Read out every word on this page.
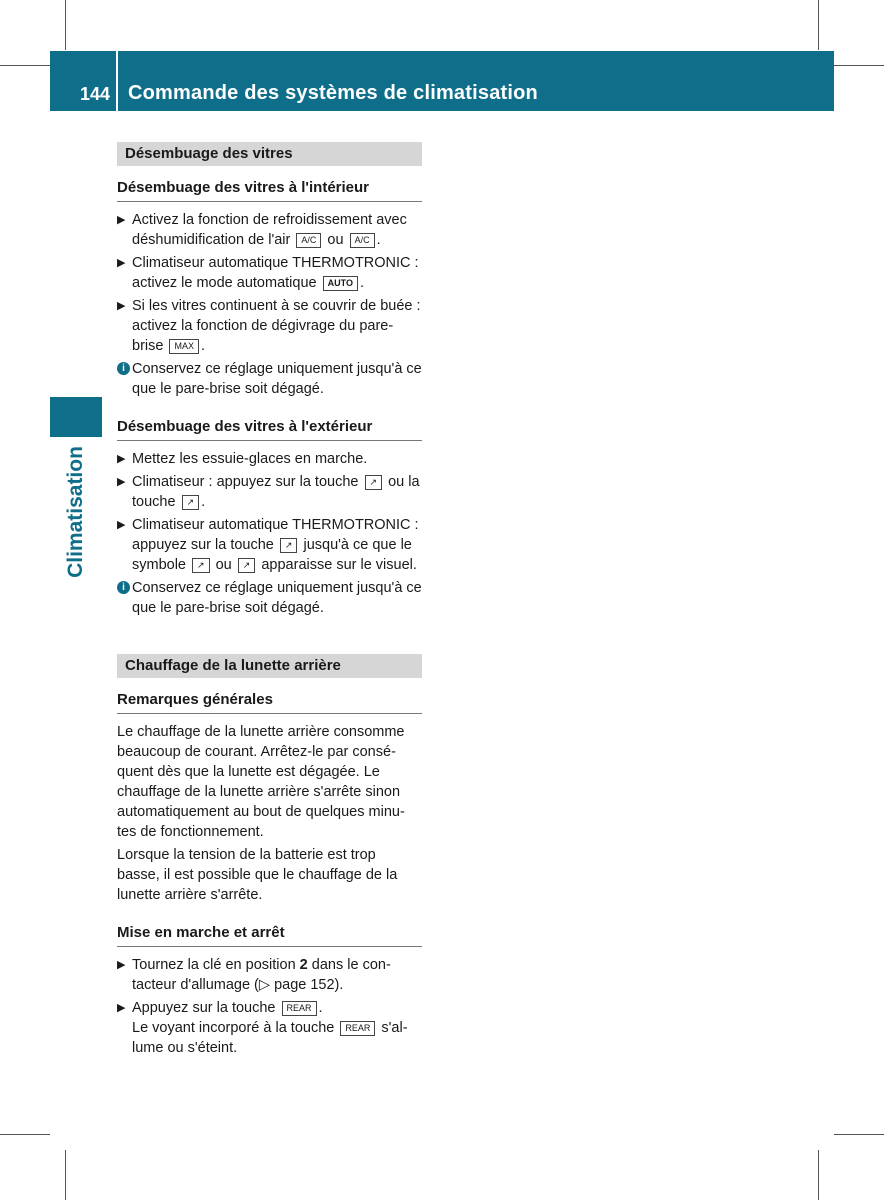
144 Commande des systèmes de climatisation
Climatisation
Désembuage des vitres
Désembuage des vitres à l'intérieur
▶ Activez la fonction de refroidissement avec déshumidification de l'air A/C ou A/C .
▶ Climatiseur automatique THERMOTRONIC : activez le mode automatique AUTO .
▶ Si les vitres continuent à se couvrir de buée : activez la fonction de dégivrage du pare-brise MAX .
i Conservez ce réglage uniquement jusqu'à ce que le pare-brise soit dégagé.
Désembuage des vitres à l'extérieur
▶ Mettez les essuie-glaces en marche.
▶ Climatiseur : appuyez sur la touche ↗ ou la touche ↗ .
▶ Climatiseur automatique THERMOTRONIC : appuyez sur la touche ↗ jusqu'à ce que le symbole ↗ ou ↗ apparaisse sur le visuel.
i Conservez ce réglage uniquement jusqu'à ce que le pare-brise soit dégagé.
Chauffage de la lunette arrière
Remarques générales
Le chauffage de la lunette arrière consomme beaucoup de courant. Arrêtez-le par consé-quent dès que la lunette est dégagée. Le chauffage de la lunette arrière s'arrête sinon automatiquement au bout de quelques minu-tes de fonctionnement.
Lorsque la tension de la batterie est trop basse, il est possible que le chauffage de la lunette arrière s'arrête.
Mise en marche et arrêt
▶ Tournez la clé en position 2 dans le con-tacteur d'allumage (▷ page 152).
▶ Appuyez sur la touche REAR .
Le voyant incorporé à la touche REAR s'al-lume ou s'éteint.
